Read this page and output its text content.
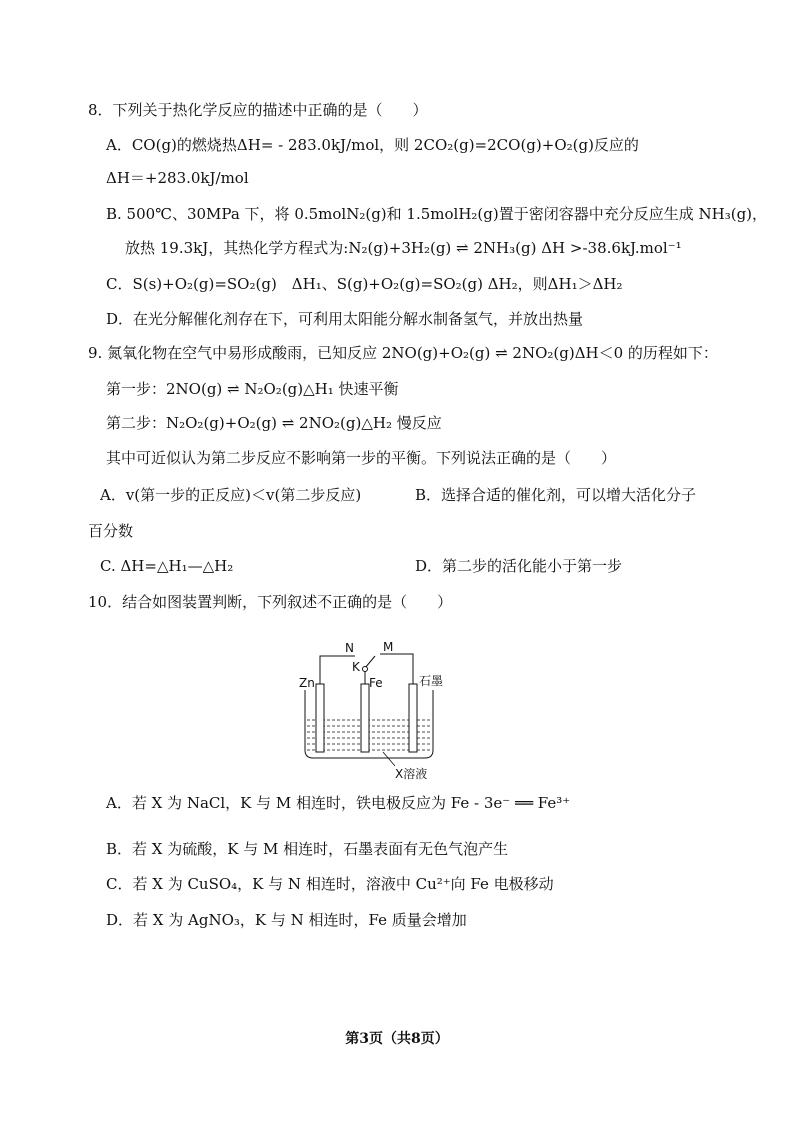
8．下列关于热化学反应的描述中正确的是（　　）
A．CO(g)的燃烧热ΔH= - 283.0kJ/mol，则 2CO₂(g)=2CO(g)+O₂(g)反应的
ΔH＝+283.0kJ/mol
B. 500℃、30MPa 下，将 0.5molN₂(g)和 1.5molH₂(g)置于密闭容器中充分反应生成 NH₃(g)，
放热 19.3kJ，其热化学方程式为:N₂(g)+3H₂(g) ⇌ 2NH₃(g) ΔH >-38.6kJ.mol⁻¹
C．S(s)+O₂(g)=SO₂(g)　ΔH₁、S(g)+O₂(g)=SO₂(g) ΔH₂，则ΔH₁＞ΔH₂
D．在光分解催化剂存在下，可利用太阳能分解水制备氢气，并放出热量
9. 氮氧化物在空气中易形成酸雨，已知反应 2NO(g)+O₂(g) ⇌ 2NO₂(g)ΔH＜0 的历程如下：
第一步：2NO(g) ⇌ N₂O₂(g)△H₁ 快速平衡
第二步：N₂O₂(g)+O₂(g) ⇌ 2NO₂(g)△H₂ 慢反应
其中可近似认为第二步反应不影响第一步的平衡。下列说法正确的是（　　）
A．v(第一步的正反应)＜v(第二步反应)	B．选择合适的催化剂，可以增大活化分子
百分数
C. ΔH=△H₁—△H₂	D．第二步的活化能小于第一步
10．结合如图装置判断，下列叙述不正确的是（　　）
N M
K
Zn	Fe	石墨
X溶液
A．若 X 为 NaCl，K 与 M 相连时，铁电极反应为 Fe - 3e⁻ ══ Fe³⁺
B．若 X 为硫酸，K 与 M 相连时，石墨表面有无色气泡产生
C．若 X 为 CuSO₄，K 与 N 相连时，溶液中 Cu²⁺向 Fe 电极移动
D．若 X 为 AgNO₃，K 与 N 相连时，Fe 质量会增加
第3页（共8页）
